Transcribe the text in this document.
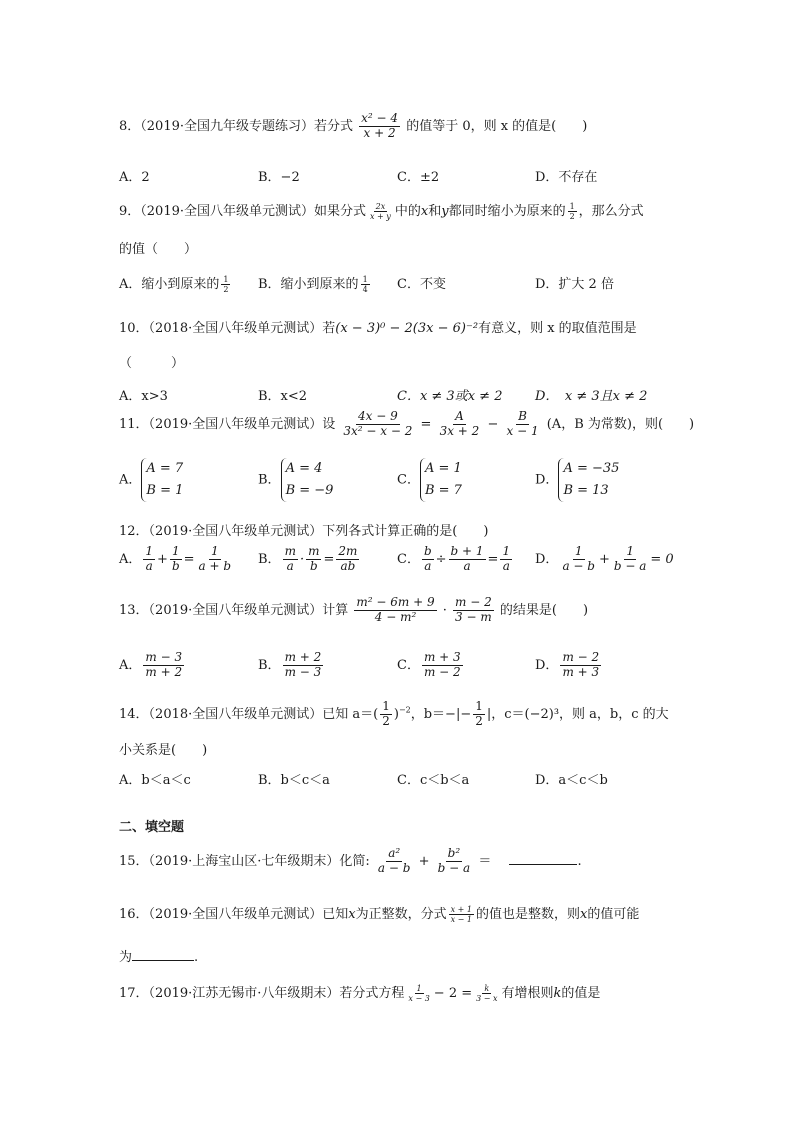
8．（2019·全国九年级专题练习）若分式 $\frac{\text{x² − 4}}{x + 2}$ 的值等于 0，则 x 的值是(　　)
A．2	B．−2	C．±2	D．不存在
9．（2019·全国八年级单元测试）如果分式 $\frac{2x}{x + y}$ 中的x和y都同时缩小为原来的 $\frac{1}{2}$ ，那么分式
的值（　　）
A．缩小到原来的 $\frac{1}{2}$ B．缩小到原来的 $\frac{1}{4}$ C．不变	D．扩大 2 倍
10．（2018·全国八年级单元测试）若(x − 3)⁰ − 2(3x − 6)⁻²有意义，则 x 的取值范围是
（　　　）
A．x>3	B．x<2	C．x ≠ 3或x ≠ 2	D．　x ≠ 3且x ≠ 2
11．（2019·全国八年级单元测试）设 $\frac{4x - 9}{\text{3x² − x − 2}} = \frac{A}{3x + 2} - \frac{B}{x - 1} (A$，B 为常数)，则(　　)
A．A = 7
B = 1
B．A = 4
B = −9
C．A = 1
B = 7
D．A = −35
B = 13
12．（2019·全国八年级单元测试）下列各式计算正确的是(　　)
A． $\frac{1}{a} + \frac{1}{b} = \frac{1}{a + b}$ B． $\frac{m}{a} \cdot \frac{m}{b} = \frac{2m}{ab}$	C． $\frac{b}{a} \div \frac{b + 1}{a} = \frac{1}{a}$ D． $\frac{1}{a - b} + \frac{1}{b - a} = 0$
13．（2019·全国八年级单元测试）计算 $\frac{\text{m² − 6m + 9}}{\text{4 − m²}} \cdot \frac{m - 2}{3 - m}$ 的结果是(　　)
A． $\frac{m - 3}{m + 2}$	B． $\frac{m + 2}{m - 3}$	C． $\frac{m + 3}{m - 2}$	D． $\frac{m - 2}{m + 3}$
14．（2018·全国八年级单元测试）已知 $a=( \frac{1}{2} )^{-2}$，$b=-|- \frac{1}{2}$ |，c＝(−2)³，则 a，b，c 的大
小关系是(　　)
A．b＜a＜c	B．b＜c＜a	C．c＜b＜a	D．a＜c＜b
二、填空题
15．（2019·上海宝山区·七年级期末）化简: $\frac{\text{a²}}{a - b} + \frac{\text{b²}}{b - a}$ ＝	.
16．（2019·全国八年级单元测试）已知x为正整数，分式 $\frac{x + 1}{x - 1}$ 的值也是整数，则x的值可能
为	.
17．（2019·江苏无锡市·八年级期末）若分式方程 $\frac{1}{x - 3} - 2 = \frac{k}{3 - x}$ 有增根则k的值是
